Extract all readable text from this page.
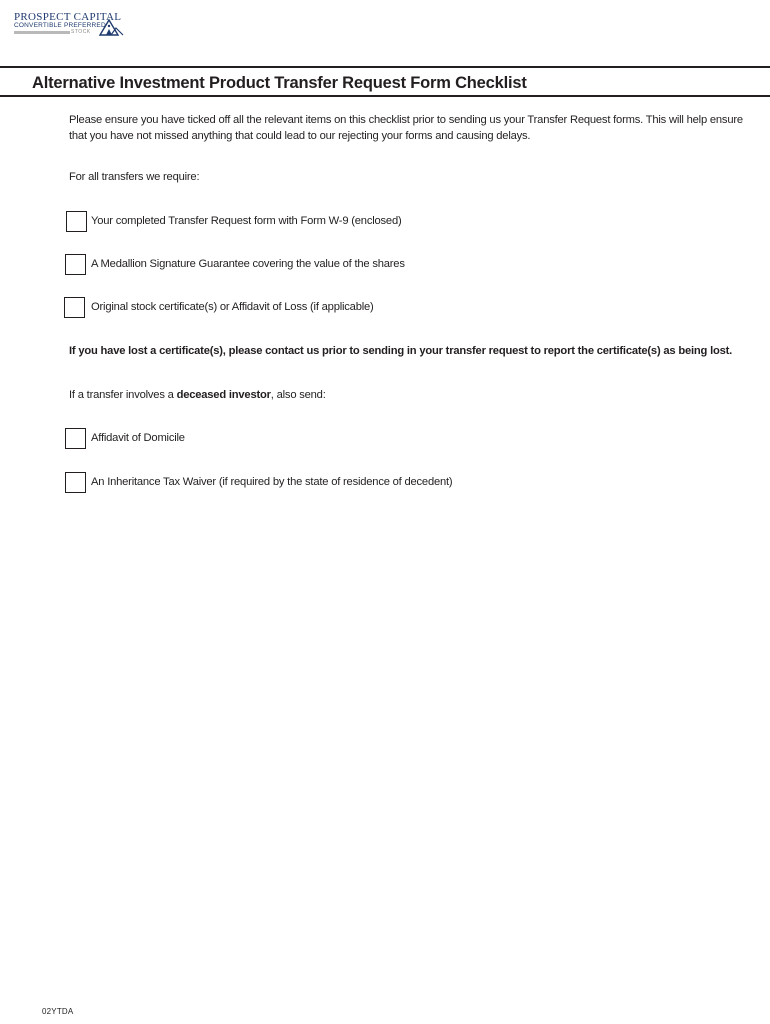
PROSPECT CAPITAL
CONVERTIBLE PREFERRED
STOCK
Alternative Investment Product Transfer Request Form Checklist
Please ensure you have ticked off all the relevant items on this checklist prior to sending us your Transfer Request forms. This will help ensure that you have not missed anything that could lead to our rejecting your forms and causing delays.
For all transfers we require:
Your completed Transfer Request form with Form W-9 (enclosed)
A Medallion Signature Guarantee covering the value of the shares
Original stock certificate(s) or Affidavit of Loss (if applicable)
If you have lost a certificate(s), please contact us prior to sending in your transfer request to report the certificate(s) as being lost.
If a transfer involves a deceased investor, also send:
Affidavit of Domicile
An Inheritance Tax Waiver (if required by the state of residence of decedent)
02YTDA
